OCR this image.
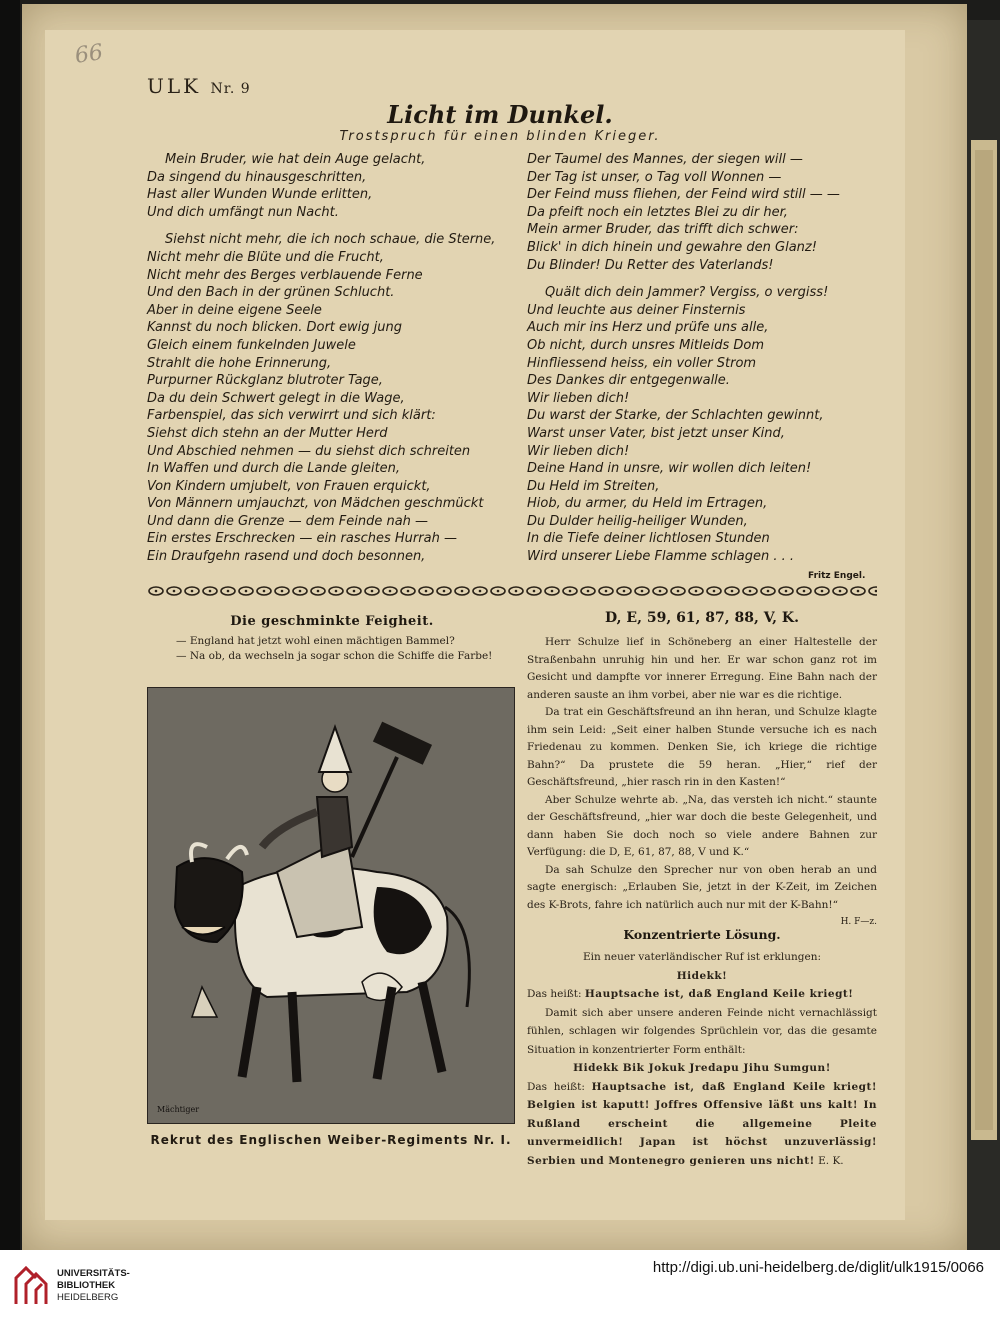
66
ULK Nr. 9
Licht im Dunkel.
Trostspruch für einen blinden Krieger.
Mein Bruder, wie hat dein Auge gelacht,
Da singend du hinausgeschritten,
Hast aller Wunden Wunde erlitten,
Und dich umfängt nun Nacht.
Siehst nicht mehr, die ich noch schaue, die Sterne,
Nicht mehr die Blüte und die Frucht,
Nicht mehr des Berges verblauende Ferne
Und den Bach in der grünen Schlucht.
Aber in deine eigene Seele
Kannst du noch blicken. Dort ewig jung
Gleich einem funkelnden Juwele
Strahlt die hohe Erinnerung,
Purpurner Rückglanz blutroter Tage,
Da du dein Schwert gelegt in die Wage,
Farbenspiel, das sich verwirrt und sich klärt:
Siehst dich stehn an der Mutter Herd
Und Abschied nehmen — du siehst dich schreiten
In Waffen und durch die Lande gleiten,
Von Kindern umjubelt, von Frauen erquickt,
Von Männern umjauchzt, von Mädchen geschmückt
Und dann die Grenze — dem Feinde nah —
Ein erstes Erschrecken — ein rasches Hurrah —
Ein Draufgehn rasend und doch besonnen,
Der Taumel des Mannes, der siegen will —
Der Tag ist unser, o Tag voll Wonnen —
Der Feind muss fliehen, der Feind wird still — —
Da pfeift noch ein letztes Blei zu dir her,
Mein armer Bruder, das trifft dich schwer:
Blick' in dich hinein und gewahre den Glanz!
Du Blinder! Du Retter des Vaterlands!
Quält dich dein Jammer? Vergiss, o vergiss!
Und leuchte aus deiner Finsternis
Auch mir ins Herz und prüfe uns alle,
Ob nicht, durch unsres Mitleids Dom
Hinfliessend heiss, ein voller Strom
Des Dankes dir entgegenwalle.
Wir lieben dich!
Du warst der Starke, der Schlachten gewinnt,
Warst unser Vater, bist jetzt unser Kind,
Wir lieben dich!
Deine Hand in unsre, wir wollen dich leiten!
Du Held im Streiten,
Hiob, du armer, du Held im Ertragen,
Du Dulder heilig-heiliger Wunden,
In die Tiefe deiner lichtlosen Stunden
Wird unserer Liebe Flamme schlagen . . .
Fritz Engel.
Die geschminkte Feigheit.
— England hat jetzt wohl einen mächtigen Bammel?
— Na ob, da wechseln ja sogar schon die Schiffe die Farbe!
Mächtiger
Rekrut des Englischen Weiber-Regiments Nr. I.
D, E, 59, 61, 87, 88, V, K.

Herr Schulze lief in Schöneberg an einer Haltestelle der Straßenbahn unruhig hin und her. Er war schon ganz rot im Gesicht und dampfte vor innerer Erregung. Eine Bahn nach der anderen sauste an ihm vorbei, aber nie war es die richtige.

Da trat ein Geschäftsfreund an ihn heran, und Schulze klagte ihm sein Leid: „Seit einer halben Stunde versuche ich es nach Friedenau zu kommen. Denken Sie, ich kriege die richtige Bahn?“ Da prustete die 59 heran. „Hier,“ rief der Geschäftsfreund, „hier rasch rin in den Kasten!“

Aber Schulze wehrte ab. „Na, das versteh ich nicht.“ staunte der Geschäftsfreund, „hier war doch die beste Gelegenheit, und dann haben Sie doch noch so viele andere Bahnen zur Verfügung: die D, E, 61, 87, 88, V und K.“

Da sah Schulze den Sprecher nur von oben herab an und sagte energisch: „Erlauben Sie, jetzt in der K-Zeit, im Zeichen des K-Brots, fahre ich natürlich auch nur mit der K-Bahn!“

H. F—z.
Konzentrierte Lösung.

Ein neuer vaterländischer Ruf ist erklungen:

Hidekk!

Das heißt: Hauptsache ist, daß England Keile kriegt!

Damit sich aber unsere anderen Feinde nicht vernachlässigt fühlen, schlagen wir folgendes Sprüchlein vor, das die gesamte Situation in konzentrierter Form enthält:

Hidekk Bik Jokuk Jredapu Jihu Sumgun!

Das heißt: Hauptsache ist, daß England Keile kriegt! Belgien ist kaputt! Joffres Offensive läßt uns kalt! In Rußland erscheint die allgemeine Pleite unvermeidlich! Japan ist höchst unzuverlässig! Serbien und Montenegro genieren uns nicht! E. K.

UNIVERSITÄTS-
BIBLIOTHEK
HEIDELBERG
http://digi.ub.uni-heidelberg.de/diglit/ulk1915/0066
